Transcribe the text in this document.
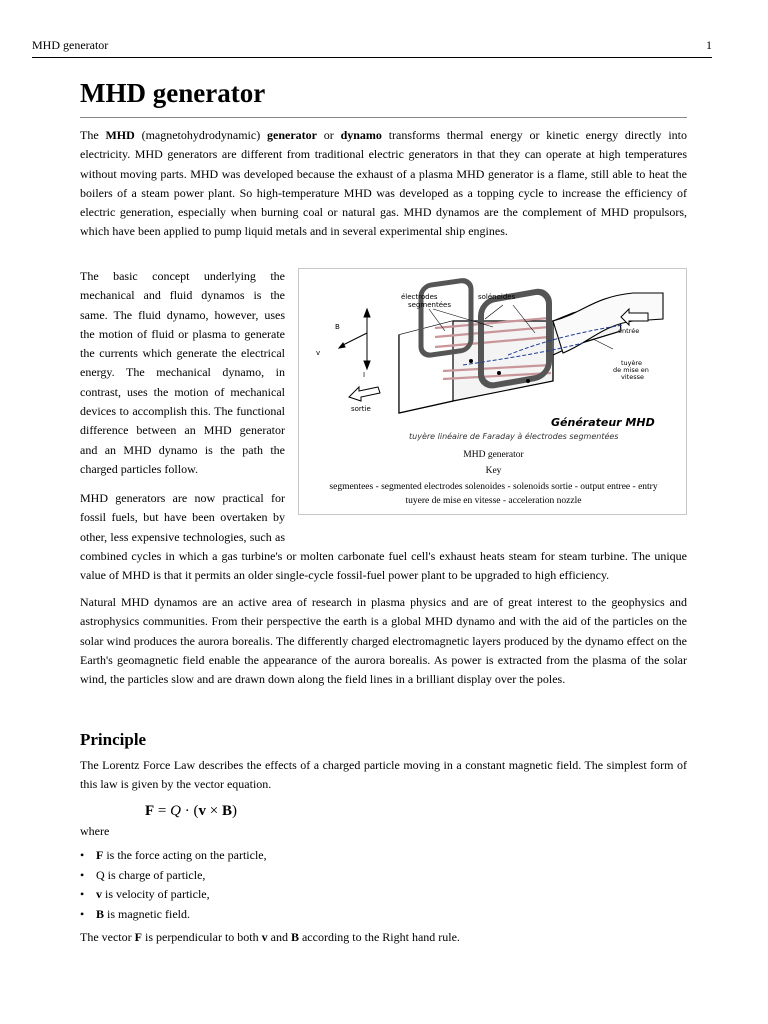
MHD generator	1
MHD generator

The MHD (magnetohydrodynamic) generator or dynamo transforms thermal energy or kinetic energy directly into electricity. MHD generators are different from traditional electric generators in that they can operate at high temperatures without moving parts. MHD was developed because the exhaust of a plasma MHD generator is a flame, still able to heat the boilers of a steam power plant. So high-temperature MHD was developed as a topping cycle to increase the efficiency of electric generation, especially when burning coal or natural gas. MHD dynamos are the complement of MHD propulsors, which have been applied to pump liquid metals and in several experimental ship engines.

The basic concept underlying the mechanical and fluid dynamos is the same. The fluid dynamo, however, uses the motion of fluid or plasma to generate the currents which generate the electrical energy. The mechanical dynamo, in contrast, uses the motion of mechanical devices to accomplish this. The functional difference between an MHD generator and an MHD dynamo is the path the charged particles follow.

B
v
I
électrodes
segmentées
solénoides
entrée
tuyère
de mise en
vitesse
sortie
Générateur MHD
tuyère linéaire de Faraday à électrodes segmentées
MHD generator
Key
segmentees - segmented electrodes solenoides - solenoids sortie - output entree - entry
tuyere de mise en vitesse - acceleration nozzle

MHD generators are now practical for fossil fuels, but have been overtaken by other, less expensive technologies, such as combined cycles in which a gas turbine's or molten carbonate fuel cell's exhaust heats steam for steam turbine. The unique value of MHD is that it permits an older single-cycle fossil-fuel power plant to be upgraded to high efficiency.

Natural MHD dynamos are an active area of research in plasma physics and are of great interest to the geophysics and astrophysics communities. From their perspective the earth is a global MHD dynamo and with the aid of the particles on the solar wind produces the aurora borealis. The differently charged electromagnetic layers produced by the dynamo effect on the Earth's geomagnetic field enable the appearance of the aurora borealis. As power is extracted from the plasma of the solar wind, the particles slow and are drawn down along the field lines in a brilliant display over the poles.

Principle

The Lorentz Force Law describes the effects of a charged particle moving in a constant magnetic field. The simplest form of this law is given by the vector equation.

F = Q · (v × B)
where
• F is the force acting on the particle,
• Q is charge of particle,
• v is velocity of particle,
• B is magnetic field.

The vector F is perpendicular to both v and B according to the Right hand rule.
